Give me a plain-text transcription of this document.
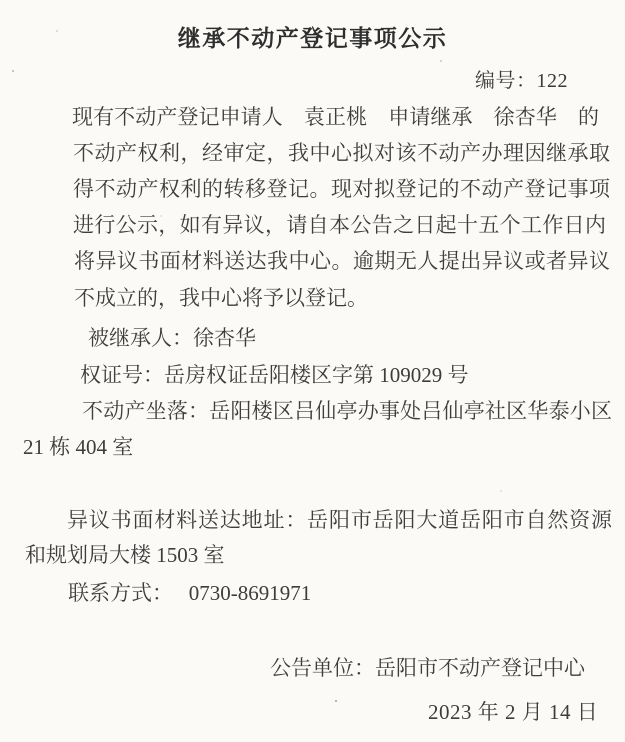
继承不动产登记事项公示
编号：122
现有不动产登记申请人　袁正桃　申请继承　徐杏华　的
不动产权利，经审定，我中心拟对该不动产办理因继承取
得不动产权利的转移登记。现对拟登记的不动产登记事项
进行公示，如有异议，请自本公告之日起十五个工作日内
将异议书面材料送达我中心。逾期无人提出异议或者异议
不成立的，我中心将予以登记。
被继承人：徐杏华
权证号：岳房权证岳阳楼区字第 109029 号
不动产坐落：岳阳楼区吕仙亭办事处吕仙亭社区华泰小区
21 栋 404 室
异议书面材料送达地址：岳阳市岳阳大道岳阳市自然资源
和规划局大楼 1503 室
联系方式：　 0730-8691971
公告单位：岳阳市不动产登记中心
2023 年 2 月 14 日
